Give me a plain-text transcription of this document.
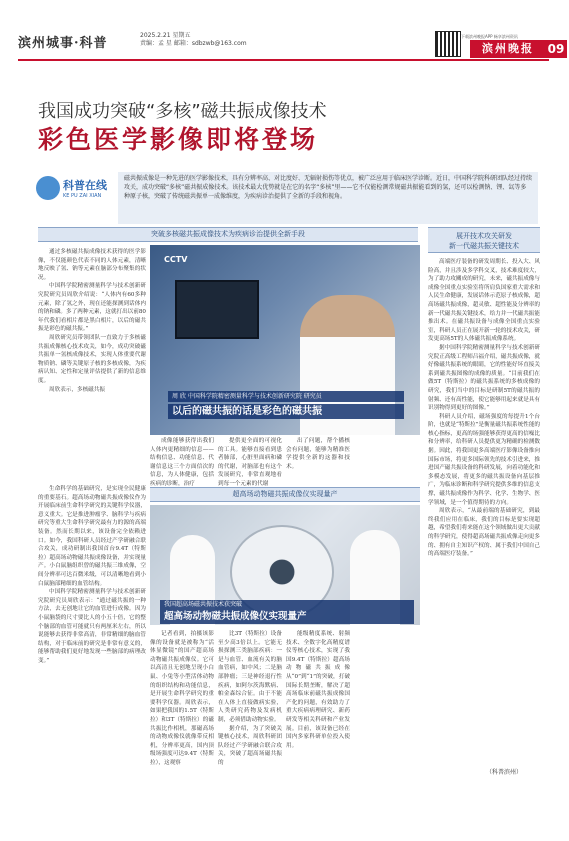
滨州城事·科普
2025.2.21 星期五
责编：孟 星 邮箱：sdbzwb@163.com
下载滨州晚报APP 畅享滨州资讯
滨州晚报	09
我国成功突破“多核”磁共振成像技术
彩色医学影像即将登场
科普在线
KE PU ZAI XIAN
磁共振成像是一种先进的医学影像技术，具有分辨率高、对比度好、无辐射损伤等优点，被广泛应用于临床医学诊断。近日，中国科学院科研团队经过持续攻关，成功突破“多核”磁共振成像技术。该技术最大优势就是在它的名字“多核”里——它不仅能检测常规磁共振能看到的氢，还可以检测钠、锂、氙等多种原子核，突破了传统磁共振单一成像维度，为疾病诊治提供了全新的手段和视角。
突破多核磁共振成像技术为疾病诊治提供全新手段	展开技术攻关研发
新一代磁共振关键技术

通过多核磁共振成像技术获得的医学影像，不仅能颜色代表不同的人体元素，清晰地反映了氢、钠等元素在脑部分布聚集的状况。

中国科学院精密测量科学与技术创新研究院研究员周欣介绍说：“人体内有60多种元素，除了氢之外，现在还能探测到话体内的钠和磷。多了两种元素，这就打出以前80年代我们看相片都是黑白相片，以后的磁共振是彩色的磁共振。”

周欣研究员带领团队一直致力于多核磁共振成像核心技术攻关，如今，成功突破磁共振单一氢核成像技术，实现人体重要代谢物质钠、磷等关键原子核的多核成像，为疾病认知、定性和定量评估提供了新的信息维度。

周欣表示，多核磁共振

CCTV
周 欣 中国科学院精密测量科学与技术创新研究院 研究员
以后的磁共振的话是彩色的磁共振

成像能够获得出我们人体内更精细的信息——结构信息、功能信息、代谢信息这三个方面信次的信息，为人体健康，包括疾病的诊断，治疗

提供更全面的可视化的工具。能够直接看到患者肺部，心脏里面病和磷的代谢，对脑部也有这个发展研究，非常直观地看到每一个元素的代谢

出了问题，帮个播核会有问题，能够为精准医学提供全新的这器和技术。

超高场动物磁共振成像仪实现量产
我国超高场磁共振技术获突破
超高场动物磁共振成像仪实现量产

生命科学的基础研究，是实现全民健康的重要基石。超高场动物磁共振成像仪作为开展临床前生命科学研究的关键科学仪器，意义重大。它是推进肿瘤学、脑科学与疾病研究等重大生命科学研究最有力的源的高端装备。然而长期以来，该设备完全依赖进口。如今，我国科研人员经过产学研融合联合攻关，成功研制出我国首台9.4T（特斯拉）超高场动物磁共振成像设备，并实现量产。小白鼠脑组织曾的磁共振三维成像，空间分辨率可达百微米级，可以清晰地看到小白鼠脑部精细的血管结构。

中国科学院精密测量科学与技术创新研究院研究员周欣表示：“通过磁共振的一种方法，去无创地让它的血管进行成像。因为小鼠脑袋的尺寸要比人的小五十倍，它的整个脑部的血管可能就只有两厘米左右，所以说能够去获得非常高清，非常精细的脑血管结构，对于临床前的研究是非常有意义的，能够帮助我们更好地发现一些脑部的病理改变。”

记者看到，拍摄该影像的设备就是被称为“活体显微镜”的国产超高场动物磁共振成像仪。它可以高清且无创地呈现小白鼠、小兔等小型活体动物的组织结构和功能信息，是开展生命科学研究的重要科学仪器。周欣表示，如果把我国的1.5T（特斯拉）和3T（特斯拉）的磁共振比作相机，那磁高场的动物成像仪就像带反相机，分辨率更高，国内顶级场强度可达9.4T（特斯拉），这观察

比3T（特斯拉）设备至少高3倍以上。它能无损探测三类脑部疾病：一是与血管、血流有关的脑血管病，如中风；二是脑部肿瘤；三是神经退行性疾病，如阿尔茨海默病、帕金森综合征。由于不能在人体上直接做病实验，人类研究药物及发病机制，必须借助动物实验。

据介绍，为了突破关键核心技术，周欣科研团队经过产学研融合联合攻关，突破了超高场磁共振的

能级精度系统、射频技术、全数字化高精度谱仪等核心技术，实现了我国9.4T（特斯拉）超高场动物磁共振成像从“0”到“1”的突破，打破国际长期垄断，解决了超高场临床前磁共振成像国产化的问题，有效助力了重大疾病病理研究、新药研发等相关科研和产业发展。目前，该设备已经在国内多家科研单位投入使用。

高端医疗装备的研发周期长、投入大、风险高，并且涉及多学科交叉，技术难度较大，为了助力攻關成的研究，未来，磁共振成像与成像全国重点实验室将所肩负国家重大需求和人民生命健康，发展话体示范原子核成像，超高场磁共振成像，超灵敏、超性能及分辨率的新一代磁共振关键技术，给力并一代磁共振能推出术。在磁共振设备与成像全国重点实验室，科研人员正在展开新一轮的技术攻关，研发更高场5T的人体磁共振成像系统。

据中国科学院精密测量科学与技术创新研究院正高级工程师吕福介绍，磁共振成像，就好像磁共振系统的眼睛，它的性能好坏直接关系到磁共振图像的成像的质量。“目前我们在做5T（特斯拉）的磁共振系统的多核成像的研究，我们当中的目标是研制5T的磁共振的射频、还有高性能，使它能够用起来就是具有识别物得到更好的图像。”

科研人员介绍，磁场强度的每提升1个台阶，也就是“特斯拉”是衡量磁共振系统性能的核心指标，更高的场强能够获得更高的信噪比和分辨率，给科研人员提供更为精确的检测数据。因此，将我国更多高端医疗影像设备推向国际市场，将更多国际领先的技术引进来，推进国产磁共振设备的科研发展，向着功能化和多模态发展，将更多的磁共振设备向基层推广，为临床诊断和科学研究提供多维的信息支撑，磁共振成像作为科学、化学、生物学、医学领域，是一个值得期待的方向。

周欣表示，“从最前端的基础研究，到最终我们应用在临床，我们的目标是要实现超越，希望我们将来能在这个领域做出更大贡献的科学研究，使得超高场磁共振成像走向更多的、拥有自主知识产权的、属于我们中国自己的高端医疗装备。”

（科普滨州）
